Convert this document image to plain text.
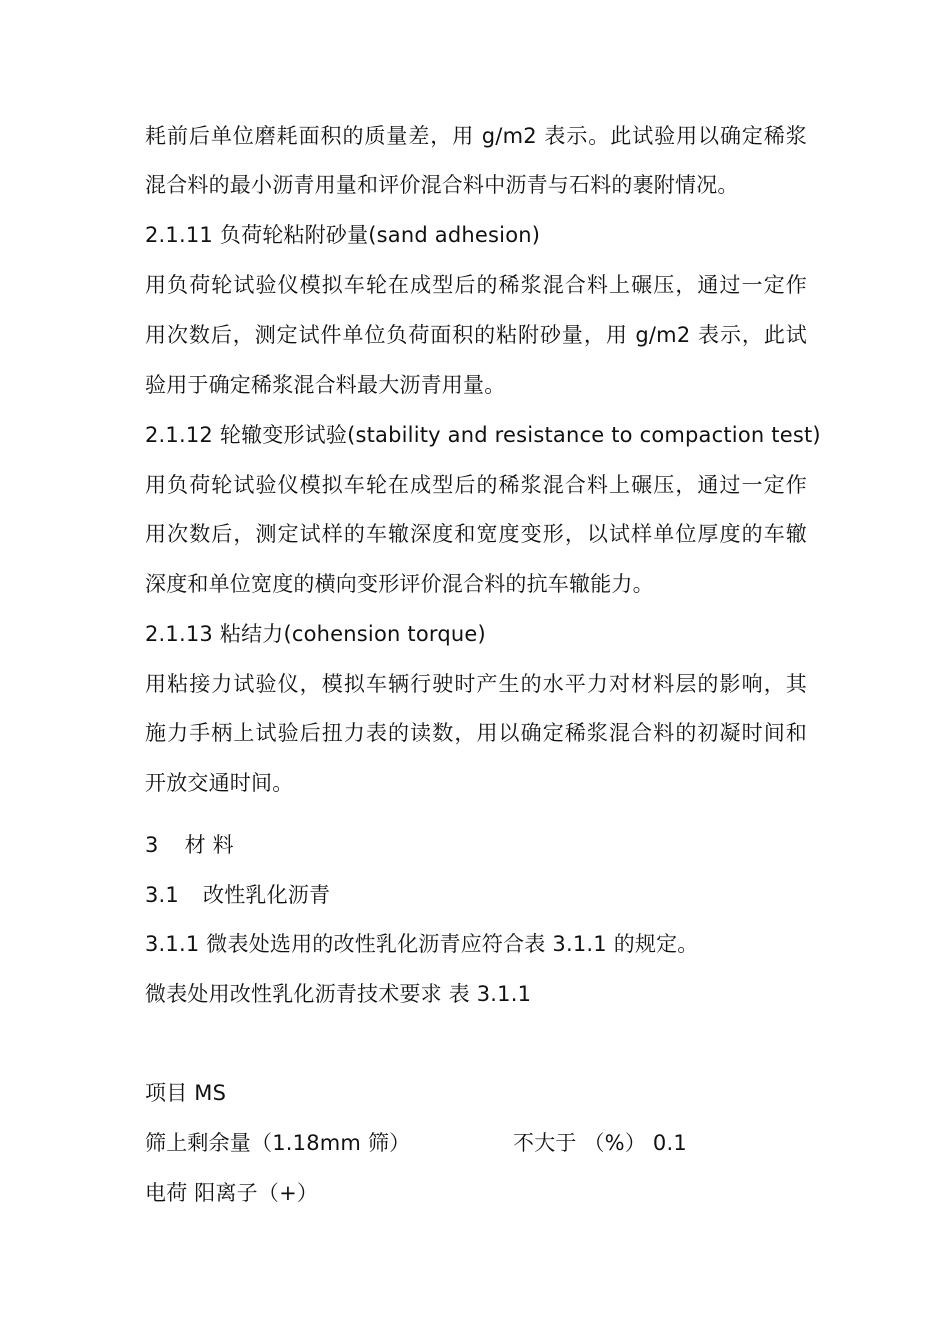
耗前后单位磨耗面积的质量差，用 g/m2 表示。此试验用以确定稀浆
混合料的最小沥青用量和评价混合料中沥青与石料的裹附情况。
2.1.11 负荷轮粘附砂量(sand adhesion)
用负荷轮试验仪模拟车轮在成型后的稀浆混合料上碾压，通过一定作
用次数后，测定试件单位负荷面积的粘附砂量，用 g/m2 表示，此试
验用于确定稀浆混合料最大沥青用量。
2.1.12 轮辙变形试验(stability and resistance to compaction test)
用负荷轮试验仪模拟车轮在成型后的稀浆混合料上碾压，通过一定作
用次数后，测定试样的车辙深度和宽度变形，以试样单位厚度的车辙
深度和单位宽度的横向变形评价混合料的抗车辙能力。
2.1.13 粘结力(cohension torque)
用粘接力试验仪，模拟车辆行驶时产生的水平力对材料层的影响，其
施力手柄上试验后扭力表的读数，用以确定稀浆混合料的初凝时间和
开放交通时间。
3 材 料
3.1 改性乳化沥青
3.1.1 微表处选用的改性乳化沥青应符合表 3.1.1 的规定。
微表处用改性乳化沥青技术要求 表 3.1.1
项目 MS
筛上剩余量（1.18mm 筛）	不大于 （%） 0.1
电荷 阳离子（+）
